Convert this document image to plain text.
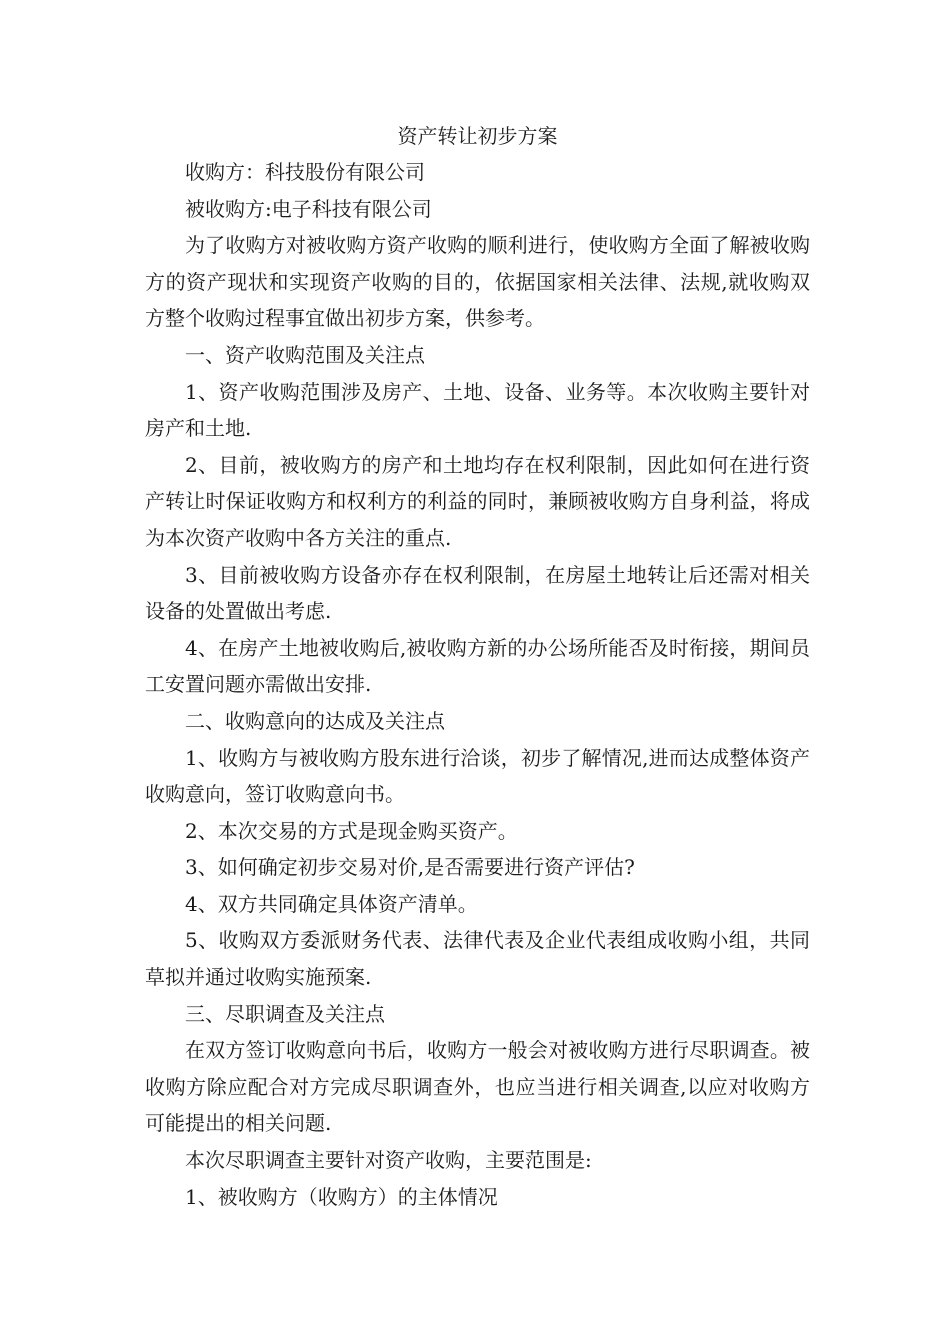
资产转让初步方案

收购方：科技股份有限公司

被收购方:电子科技有限公司

为了收购方对被收购方资产收购的顺利进行，使收购方全面了解被收购方的资产现状和实现资产收购的目的，依据国家相关法律、法规,就收购双方整个收购过程事宜做出初步方案，供参考。

一、资产收购范围及关注点

1、资产收购范围涉及房产、土地、设备、业务等。本次收购主要针对房产和土地.

2、目前，被收购方的房产和土地均存在权利限制，因此如何在进行资产转让时保证收购方和权利方的利益的同时，兼顾被收购方自身利益，将成为本次资产收购中各方关注的重点.

3、目前被收购方设备亦存在权利限制，在房屋土地转让后还需对相关设备的处置做出考虑.

4、在房产土地被收购后,被收购方新的办公场所能否及时衔接，期间员工安置问题亦需做出安排.

二、收购意向的达成及关注点

1、收购方与被收购方股东进行洽谈，初步了解情况,进而达成整体资产收购意向，签订收购意向书。

2、本次交易的方式是现金购买资产。

3、如何确定初步交易对价,是否需要进行资产评估?

4、双方共同确定具体资产清单。

5、收购双方委派财务代表、法律代表及企业代表组成收购小组，共同草拟并通过收购实施预案.

三、尽职调查及关注点

在双方签订收购意向书后，收购方一般会对被收购方进行尽职调查。被收购方除应配合对方完成尽职调查外，也应当进行相关调查,以应对收购方可能提出的相关问题.

本次尽职调查主要针对资产收购，主要范围是:

1、被收购方（收购方）的主体情况
